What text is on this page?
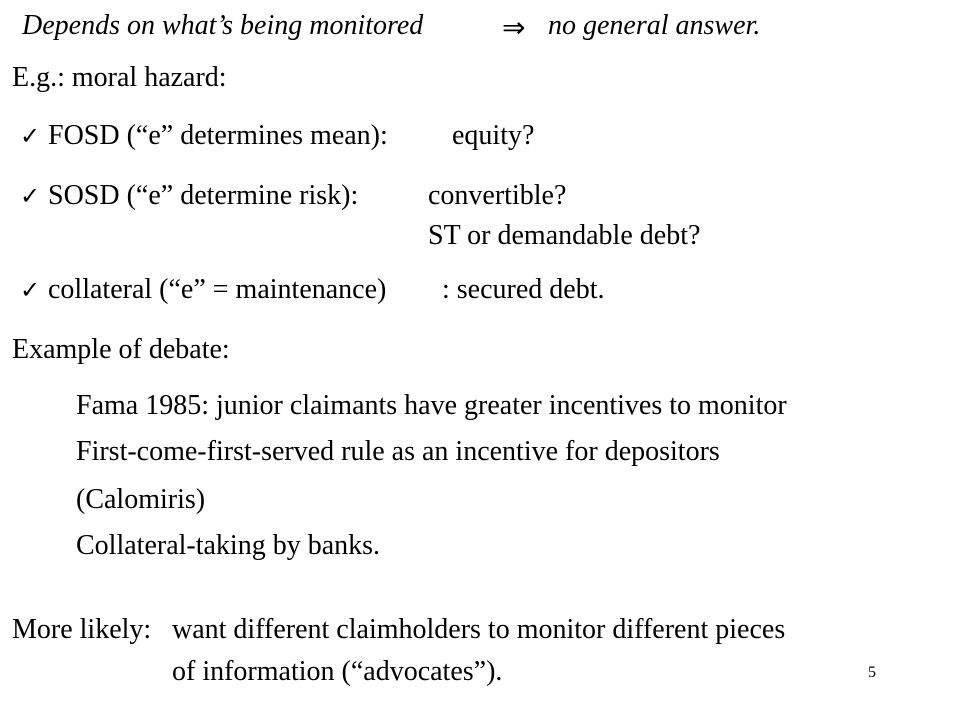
Depends on what’s being monitored	⇒ no general answer.
E.g.: moral hazard:
✓ FOSD (“e” determines mean): equity?
✓ SOSD (“e” determine risk): convertible?
ST or demandable debt?
✓ collateral (“e” = maintenance) : secured debt.
Example of debate:
Fama 1985: junior claimants have greater incentives to monitor
First-come-first-served rule as an incentive for depositors
(Calomiris)
Collateral-taking by banks.
More likely: want different claimholders to monitor different pieces
of information (“advocates”).	5
